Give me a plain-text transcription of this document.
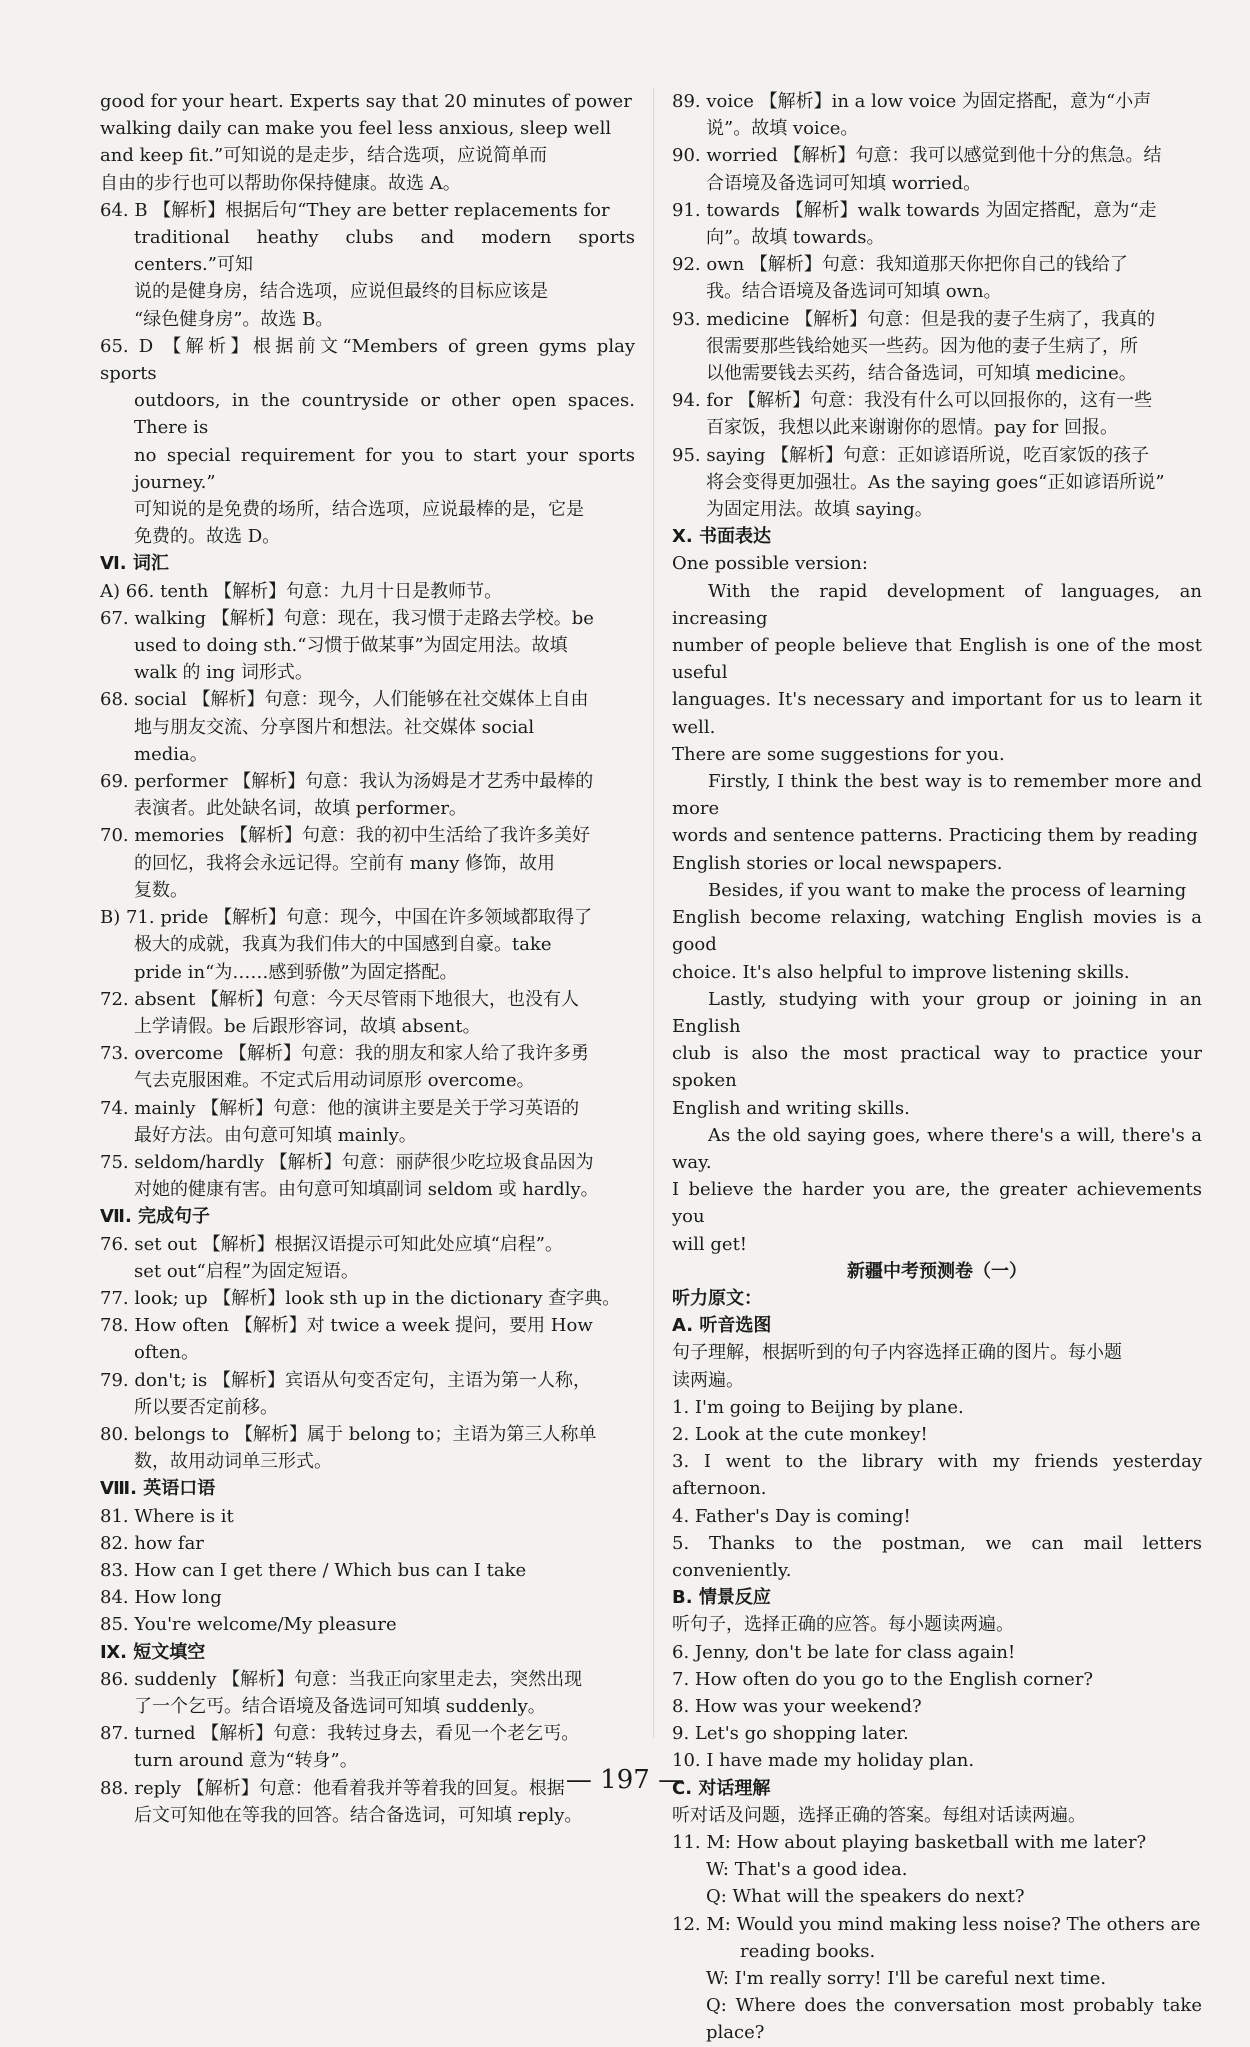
good for your heart. Experts say that 20 minutes of power

walking daily can make you feel less anxious, sleep well

and keep fit.”可知说的是走步，结合选项，应说简单而

自由的步行也可以帮助你保持健康。故选 A。

64. B 【解析】根据后句“They are better replacements for

traditional heathy clubs and modern sports centers.”可知

说的是健身房，结合选项，应说但最终的目标应该是

“绿色健身房”。故选 B。

65. D 【解析】根据前文“Members of green gyms play sports

outdoors, in the countryside or other open spaces. There is

no special requirement for you to start your sports journey.”

可知说的是免费的场所，结合选项，应说最棒的是，它是

免费的。故选 D。

Ⅵ. 词汇

A) 66. tenth 【解析】句意：九月十日是教师节。

67. walking 【解析】句意：现在，我习惯于走路去学校。be

used to doing sth.“习惯于做某事”为固定用法。故填

walk 的 ing 词形式。

68. social 【解析】句意：现今，人们能够在社交媒体上自由

地与朋友交流、分享图片和想法。社交媒体 social

media。

69. performer 【解析】句意：我认为汤姆是才艺秀中最棒的

表演者。此处缺名词，故填 performer。

70. memories 【解析】句意：我的初中生活给了我许多美好

的回忆，我将会永远记得。空前有 many 修饰，故用

复数。

B) 71. pride 【解析】句意：现今，中国在许多领域都取得了

极大的成就，我真为我们伟大的中国感到自豪。take

pride in“为……感到骄傲”为固定搭配。

72. absent 【解析】句意：今天尽管雨下地很大，也没有人

上学请假。be 后跟形容词，故填 absent。

73. overcome 【解析】句意：我的朋友和家人给了我许多勇

气去克服困难。不定式后用动词原形 overcome。

74. mainly 【解析】句意：他的演讲主要是关于学习英语的

最好方法。由句意可知填 mainly。

75. seldom/hardly 【解析】句意：丽萨很少吃垃圾食品因为

对她的健康有害。由句意可知填副词 seldom 或 hardly。

Ⅶ. 完成句子

76. set out 【解析】根据汉语提示可知此处应填“启程”。

set out“启程”为固定短语。

77. look; up 【解析】look sth up in the dictionary 查字典。

78. How often 【解析】对 twice a week 提问，要用 How

often。

79. don't; is 【解析】宾语从句变否定句，主语为第一人称，

所以要否定前移。

80. belongs to 【解析】属于 belong to；主语为第三人称单

数，故用动词单三形式。

Ⅷ. 英语口语

81. Where is it

82. how far

83. How can I get there / Which bus can I take

84. How long

85. You're welcome/My pleasure

Ⅸ. 短文填空

86. suddenly 【解析】句意：当我正向家里走去，突然出现

了一个乞丐。结合语境及备选词可知填 suddenly。

87. turned 【解析】句意：我转过身去，看见一个老乞丐。

turn around 意为“转身”。

88. reply 【解析】句意：他看着我并等着我的回复。根据

后文可知他在等我的回答。结合备选词，可知填 reply。

89. voice 【解析】in a low voice 为固定搭配，意为“小声

说”。故填 voice。

90. worried 【解析】句意：我可以感觉到他十分的焦急。结

合语境及备选词可知填 worried。

91. towards 【解析】walk towards 为固定搭配，意为“走

向”。故填 towards。

92. own 【解析】句意：我知道那天你把你自己的钱给了

我。结合语境及备选词可知填 own。

93. medicine 【解析】句意：但是我的妻子生病了，我真的

很需要那些钱给她买一些药。因为他的妻子生病了，所

以他需要钱去买药，结合备选词，可知填 medicine。

94. for 【解析】句意：我没有什么可以回报你的，这有一些

百家饭，我想以此来谢谢你的恩情。pay for 回报。

95. saying 【解析】句意：正如谚语所说，吃百家饭的孩子

将会变得更加强壮。As the saying goes“正如谚语所说”

为固定用法。故填 saying。

Ⅹ. 书面表达

One possible version:

With the rapid development of languages, an increasing

number of people believe that English is one of the most useful

languages. It's necessary and important for us to learn it well.

There are some suggestions for you.

Firstly, I think the best way is to remember more and more

words and sentence patterns. Practicing them by reading

English stories or local newspapers.

Besides, if you want to make the process of learning

English become relaxing, watching English movies is a good

choice. It's also helpful to improve listening skills.

Lastly, studying with your group or joining in an English

club is also the most practical way to practice your spoken

English and writing skills.

As the old saying goes, where there's a will, there's a way.

I believe the harder you are, the greater achievements you

will get!

新疆中考预测卷（一）

听力原文：

A. 听音选图

句子理解，根据听到的句子内容选择正确的图片。每小题

读两遍。

1. I'm going to Beijing by plane.

2. Look at the cute monkey!

3. I went to the library with my friends yesterday afternoon.

4. Father's Day is coming!

5. Thanks to the postman, we can mail letters conveniently.

B. 情景反应

听句子，选择正确的应答。每小题读两遍。

6. Jenny, don't be late for class again!

7. How often do you go to the English corner?

8. How was your weekend?

9. Let's go shopping later.

10. I have made my holiday plan.

C. 对话理解

听对话及问题，选择正确的答案。每组对话读两遍。

11. M: How about playing basketball with me later?

W: That's a good idea.

Q: What will the speakers do next?

12. M: Would you mind making less noise? The others are

reading books.

W: I'm really sorry! I'll be careful next time.

Q: Where does the conversation most probably take place?

— 197 —
